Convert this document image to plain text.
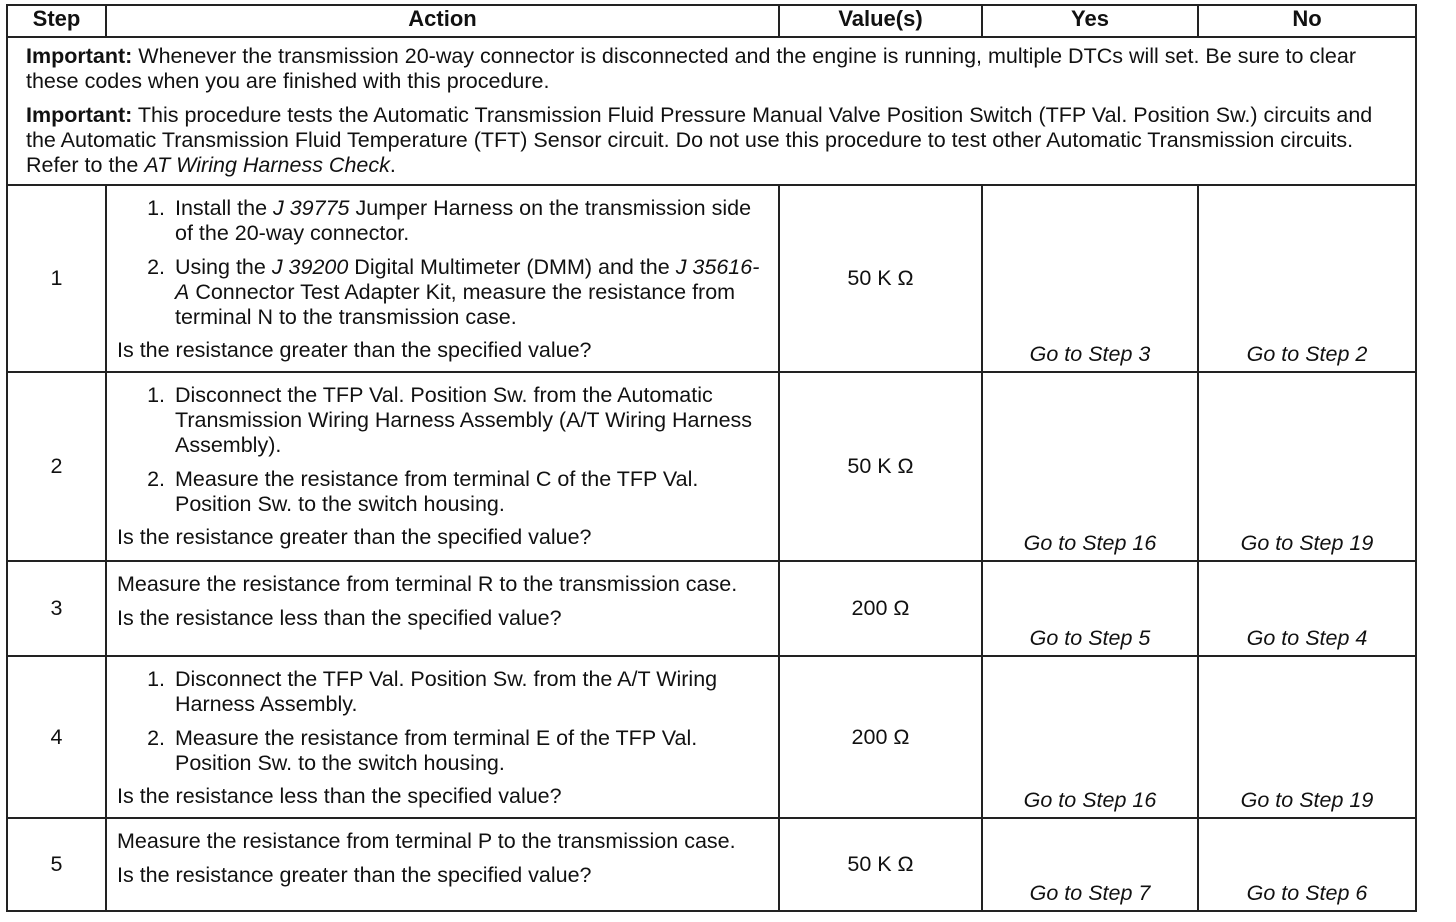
Step	Action	Value(s)	Yes	No

Important: Whenever the transmission 20-way connector is disconnected and the engine is running, multiple DTCs will set. Be sure to clear these codes when you are finished with this procedure.

Important: This procedure tests the Automatic Transmission Fluid Pressure Manual Valve Position Switch (TFP Val. Position Sw.) circuits and the Automatic Transmission Fluid Temperature (TFT) Sensor circuit. Do not use this procedure to test other Automatic Transmission circuits. Refer to the AT Wiring Harness Check.				

1	1. Install the J 39775 Jumper Harness on the transmission side of the 20-way connector.
2. Using the J 39200 Digital Multimeter (DMM) and the J 35616-A Connector Test Adapter Kit, measure the resistance from terminal N to the transmission case.

Is the resistance greater than the specified value?	50 K Ω	Go to Step 3	Go to Step 2
2	1. Disconnect the TFP Val. Position Sw. from the Automatic Transmission Wiring Harness Assembly (A/T Wiring Harness Assembly).
2. Measure the resistance from terminal C of the TFP Val. Position Sw. to the switch housing.

Is the resistance greater than the specified value?	50 K Ω	Go to Step 16	Go to Step 19
3	Measure the resistance from terminal R to the transmission case.

Is the resistance less than the specified value?	200 Ω	Go to Step 5	Go to Step 4
4	1. Disconnect the TFP Val. Position Sw. from the A/T Wiring Harness Assembly.
2. Measure the resistance from terminal E of the TFP Val. Position Sw. to the switch housing.

Is the resistance less than the specified value?	200 Ω	Go to Step 16	Go to Step 19
5	Measure the resistance from terminal P to the transmission case.

Is the resistance greater than the specified value?	50 K Ω	Go to Step 7	Go to Step 6
